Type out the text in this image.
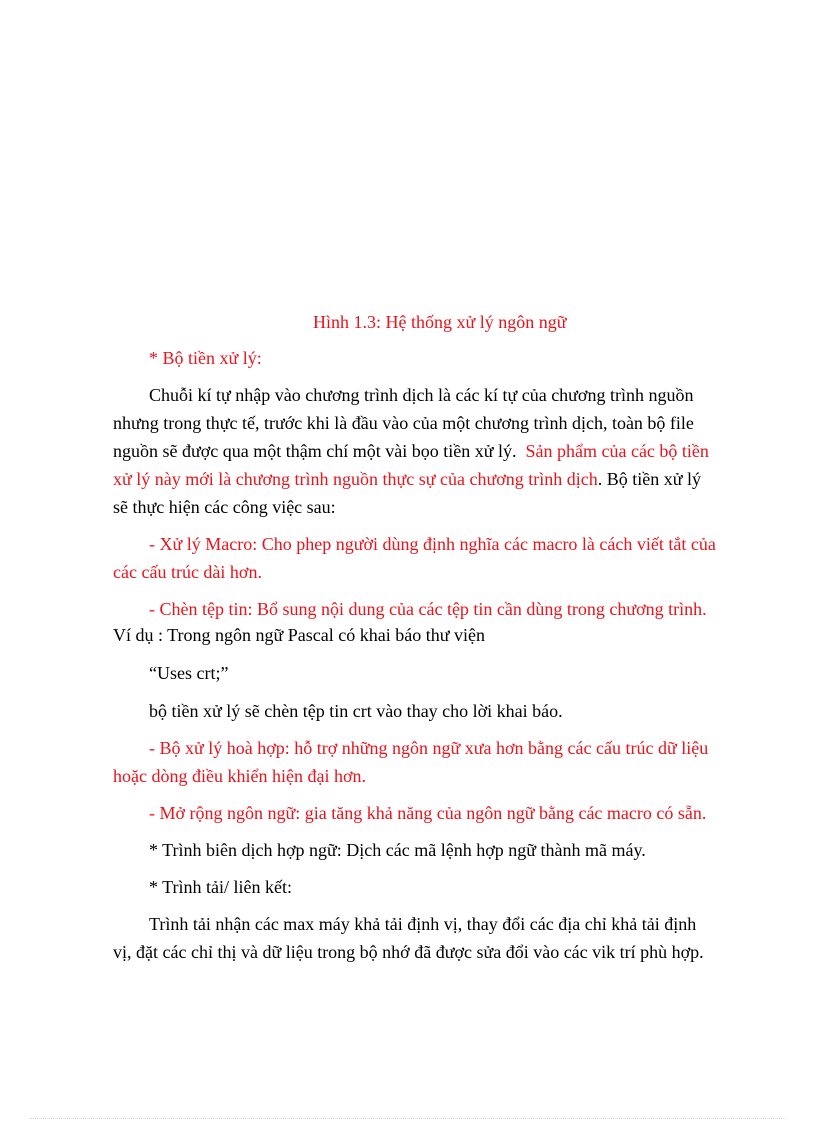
Hình 1.3: Hệ thống xử lý ngôn ngữ
* Bộ tiền xử lý:
Chuỗi kí tự nhập vào chương trình dịch là các kí tự của chương trình nguồn
nhưng trong thực tế, trước khi là đầu vào của một chương trình dịch, toàn bộ file
nguồn sẽ được qua một thậm chí một vài bọo tiền xử lý. Sản phẩm của các bộ tiền
xử lý này mới là chương trình nguồn thực sự của chương trình dịch. Bộ tiền xử lý
sẽ thực hiện các công việc sau:
- Xử lý Macro: Cho phep người dùng định nghĩa các macro là cách viết tắt của
các cấu trúc dài hơn.
- Chèn tệp tin: Bổ sung nội dung của các tệp tin cần dùng trong chương trình.
Ví dụ : Trong ngôn ngữ Pascal có khai báo thư viện
“Uses crt;”
bộ tiền xử lý sẽ chèn tệp tin crt vào thay cho lời khai báo.
- Bộ xử lý hoà hợp: hỗ trợ những ngôn ngữ xưa hơn bằng các cấu trúc dữ liệu
hoặc dòng điều khiển hiện đại hơn.
- Mở rộng ngôn ngữ: gia tăng khả năng của ngôn ngữ bằng các macro có sẵn.
* Trình biên dịch hợp ngữ: Dịch các mã lệnh hợp ngữ thành mã máy.
* Trình tải/ liên kết:
Trình tải nhận các max máy khả tải định vị, thay đổi các địa chỉ khả tải định
vị, đặt các chỉ thị và dữ liệu trong bộ nhớ đã được sửa đổi vào các vik trí phù hợp.
